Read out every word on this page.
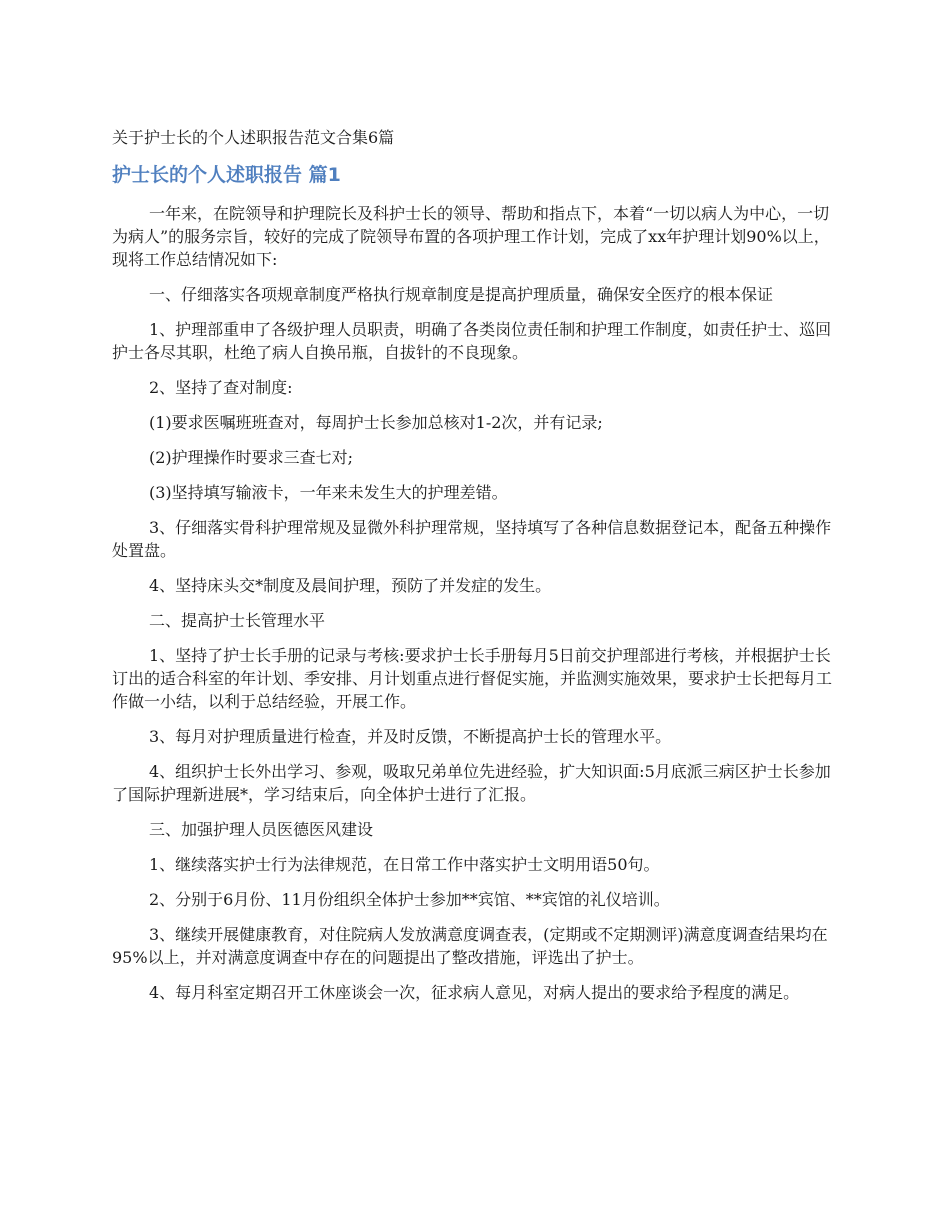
关于护士长的个人述职报告范文合集6篇
护士长的个人述职报告 篇1

一年来，在院领导和护理院长及科护士长的领导、帮助和指点下，本着“一切以病人为中心，一切为病人”的服务宗旨，较好的完成了院领导布置的各项护理工作计划，完成了xx年护理计划90%以上，现将工作总结情况如下:

一、仔细落实各项规章制度严格执行规章制度是提高护理质量，确保安全医疗的根本保证

1、护理部重申了各级护理人员职责，明确了各类岗位责任制和护理工作制度，如责任护士、巡回护士各尽其职，杜绝了病人自换吊瓶，自拔针的不良现象。

2、坚持了查对制度:

(1)要求医嘱班班查对，每周护士长参加总核对1-2次，并有记录;

(2)护理操作时要求三查七对;

(3)坚持填写输液卡，一年来未发生大的护理差错。

3、仔细落实骨科护理常规及显微外科护理常规，坚持填写了各种信息数据登记本，配备五种操作处置盘。

4、坚持床头交*制度及晨间护理，预防了并发症的发生。

二、提高护士长管理水平

1、坚持了护士长手册的记录与考核:要求护士长手册每月5日前交护理部进行考核，并根据护士长订出的适合科室的年计划、季安排、月计划重点进行督促实施，并监测实施效果，要求护士长把每月工作做一小结，以利于总结经验，开展工作。

3、每月对护理质量进行检查，并及时反馈，不断提高护士长的管理水平。

4、组织护士长外出学习、参观，吸取兄弟单位先进经验，扩大知识面:5月底派三病区护士长参加了国际护理新进展*，学习结束后，向全体护士进行了汇报。

三、加强护理人员医德医风建设

1、继续落实护士行为法律规范，在日常工作中落实护士文明用语50句。

2、分别于6月份、11月份组织全体护士参加**宾馆、**宾馆的礼仪培训。

3、继续开展健康教育，对住院病人发放满意度调查表，(定期或不定期测评)满意度调查结果均在95%以上，并对满意度调查中存在的问题提出了整改措施，评选出了护士。

4、每月科室定期召开工休座谈会一次，征求病人意见，对病人提出的要求给予程度的满足。
